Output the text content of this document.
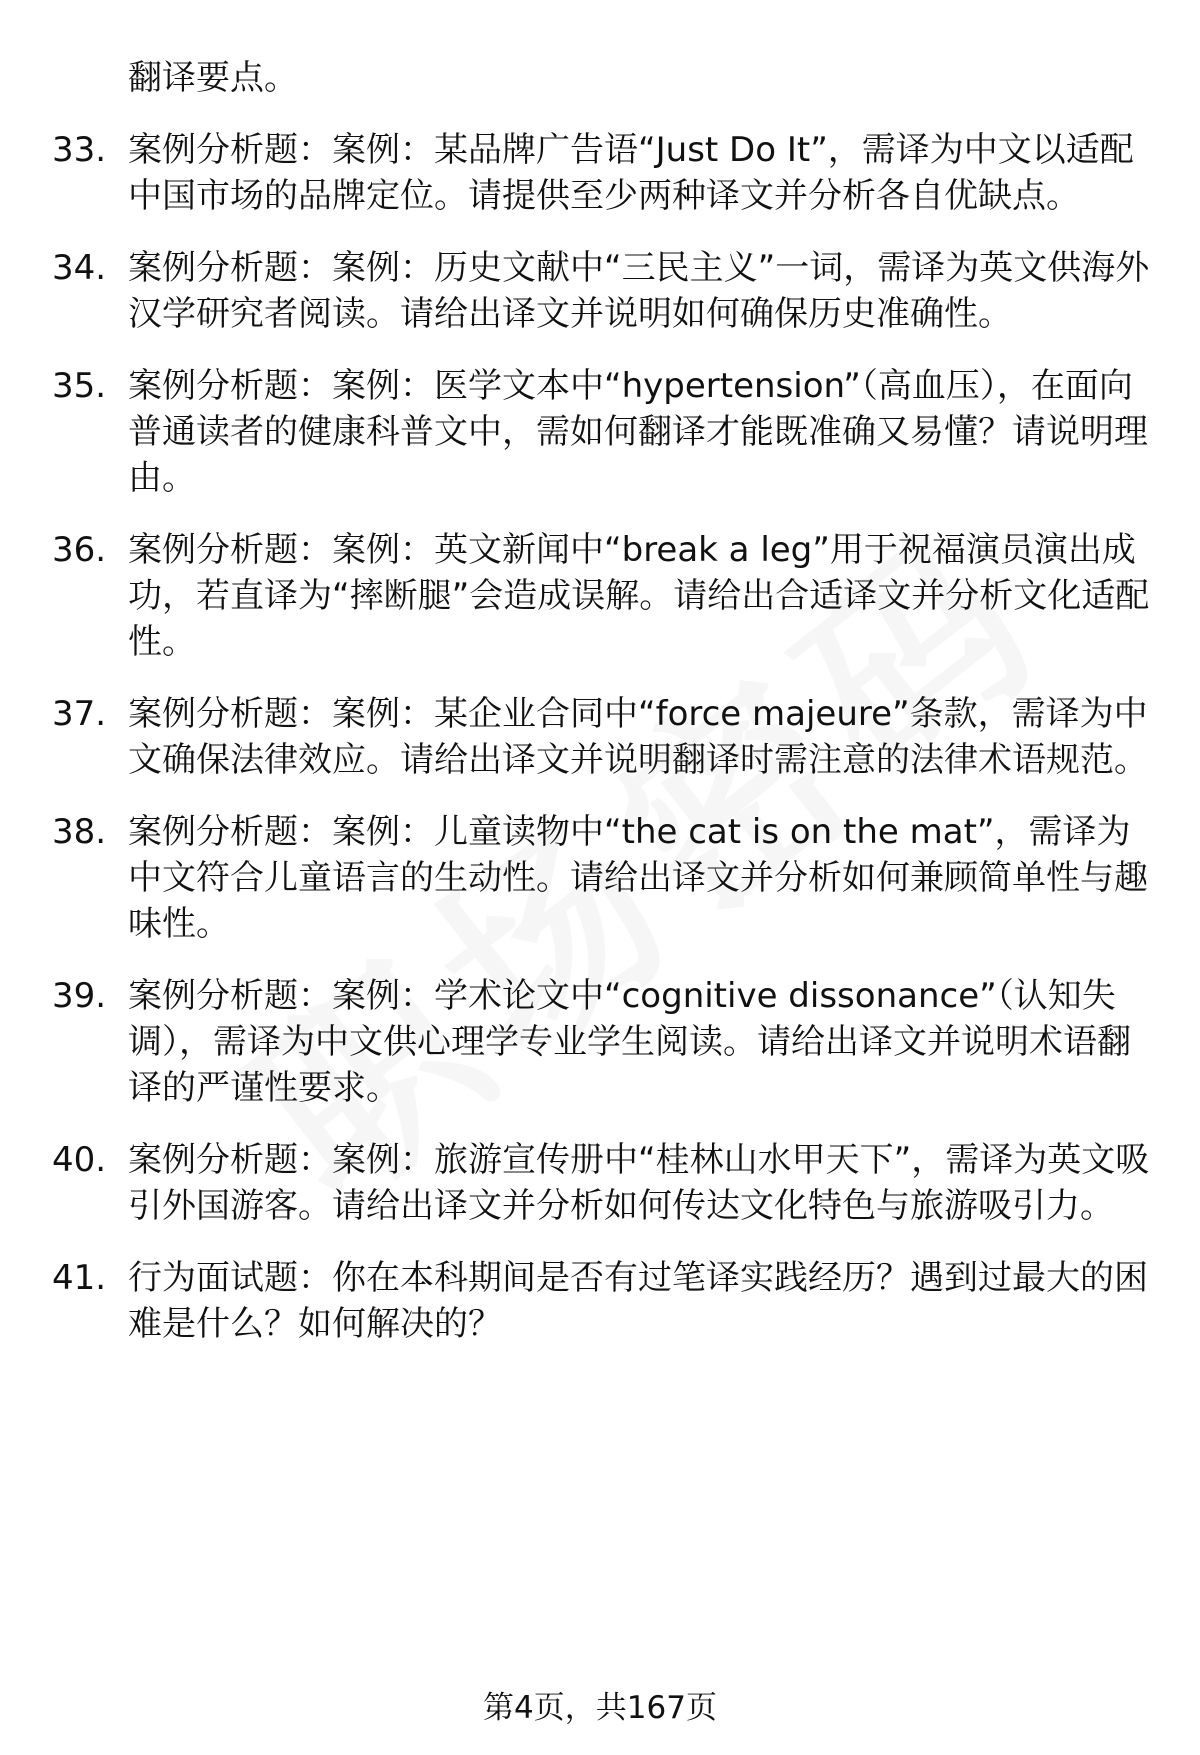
翻译要点。
33. 案例分析题：案例：某品牌广告语“Just Do It”，需译为中文以适配中国市场的品牌定位。请提供至少两种译文并分析各自优缺点。
34. 案例分析题：案例：历史文献中“三民主义”一词，需译为英文供海外汉学研究者阅读。请给出译文并说明如何确保历史准确性。
35. 案例分析题：案例：医学文本中“hypertension”（高血压），在面向普通读者的健康科普文中，需如何翻译才能既准确又易懂？请说明理由。
36. 案例分析题：案例：英文新闻中“break a leg”用于祝福演员演出成功，若直译为“摔断腿”会造成误解。请给出合适译文并分析文化适配性。
37. 案例分析题：案例：某企业合同中“force majeure”条款，需译为中文确保法律效应。请给出译文并说明翻译时需注意的法律术语规范。
38. 案例分析题：案例：儿童读物中“the cat is on the mat”，需译为中文符合儿童语言的生动性。请给出译文并分析如何兼顾简单性与趣味性。
39. 案例分析题：案例：学术论文中“cognitive dissonance”（认知失调），需译为中文供心理学专业学生阅读。请给出译文并说明术语翻译的严谨性要求。
40. 案例分析题：案例：旅游宣传册中“桂林山水甲天下”，需译为英文吸引外国游客。请给出译文并分析如何传达文化特色与旅游吸引力。
41. 行为面试题：你在本科期间是否有过笔译实践经历？遇到过最大的困难是什么？如何解决的？
第4页，共167页
